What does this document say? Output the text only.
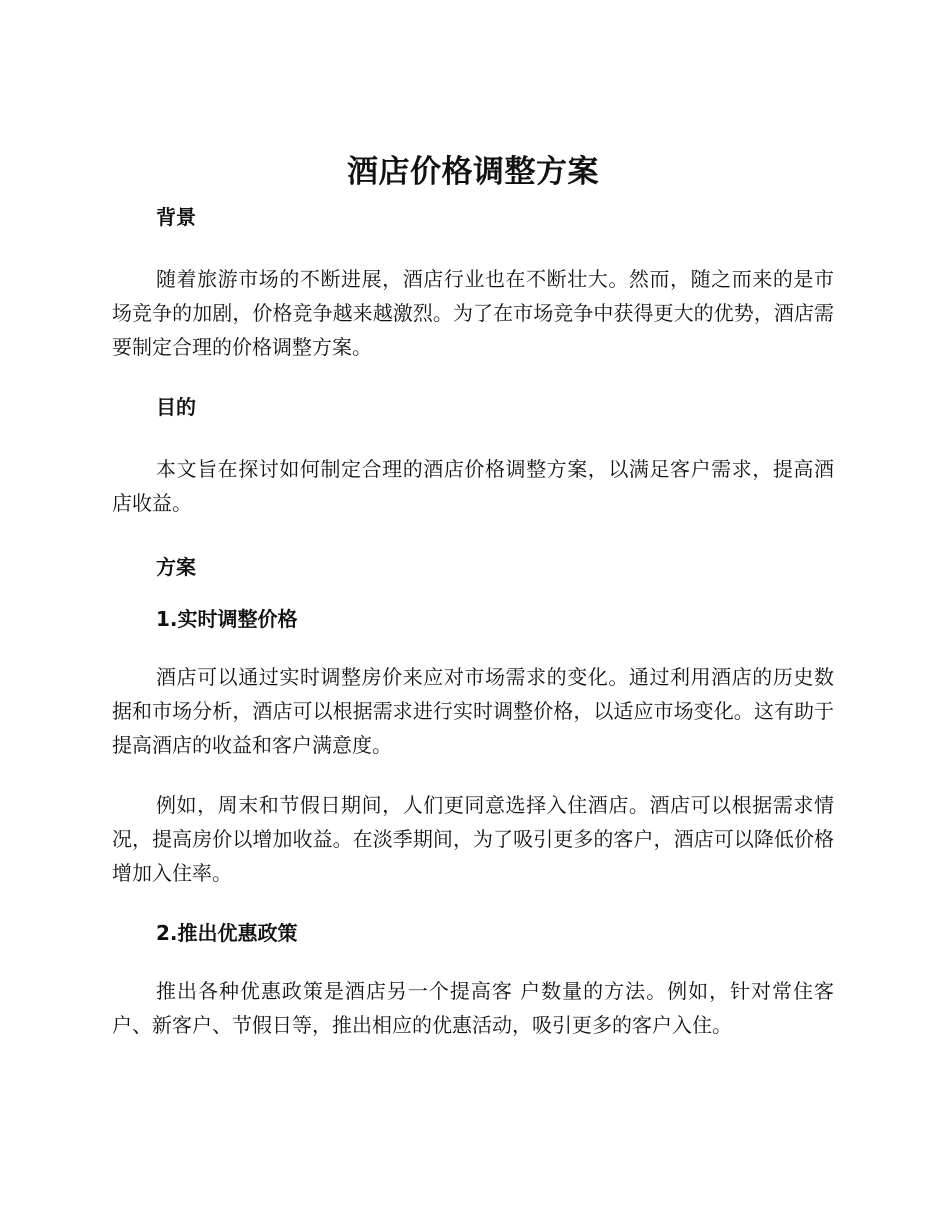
酒店价格调整方案

背景

随着旅游市场的不断进展，酒店行业也在不断壮大。然而，随之而来的是市场竞争的加剧，价格竞争越来越激烈。为了在市场竞争中获得更大的优势，酒店需要制定合理的价格调整方案。

目的

本文旨在探讨如何制定合理的酒店价格调整方案，以满足客户需求，提高酒店收益。

方案

1.实时调整价格

酒店可以通过实时调整房价来应对市场需求的变化。通过利用酒店的历史数据和市场分析，酒店可以根据需求进行实时调整价格，以适应市场变化。这有助于提高酒店的收益和客户满意度。

例如，周末和节假日期间，人们更同意选择入住酒店。酒店可以根据需求情况，提高房价以增加收益。在淡季期间，为了吸引更多的客户，酒店可以降低价格增加入住率。

2.推出优惠政策

推出各种优惠政策是酒店另一个提高客 户数量的方法。例如，针对常住客户、新客户、节假日等，推出相应的优惠活动，吸引更多的客户入住。
